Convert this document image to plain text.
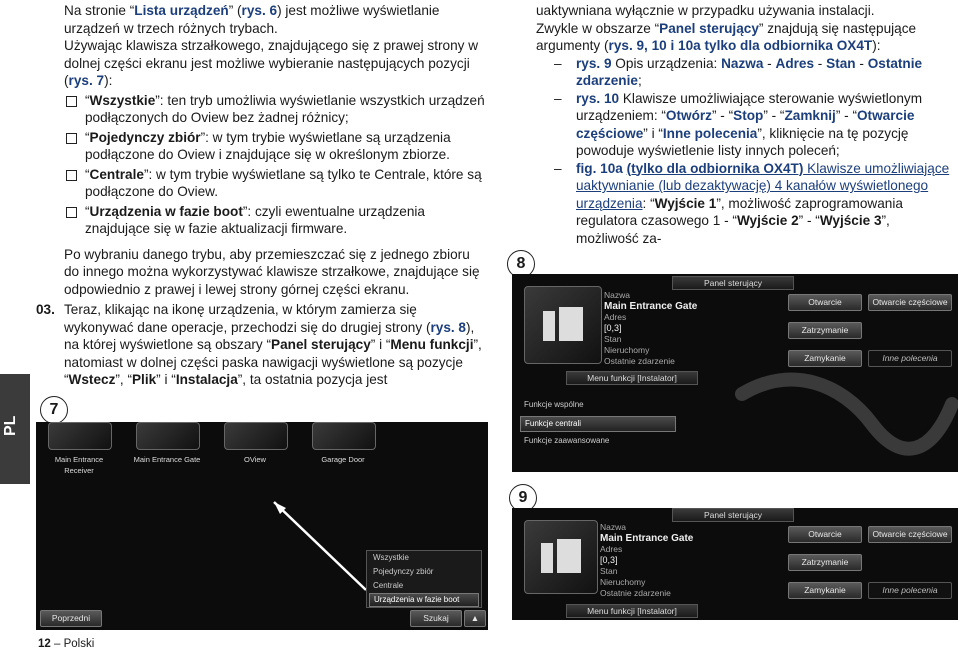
Na stronie “Lista urządzeń” (rys. 6) jest możliwe wyświetlanie urządzeń w trzech różnych trybach.

Używając klawisza strzałkowego, znajdującego się z prawej strony w dolnej części ekranu jest możliwe wybieranie następujących pozycji (rys. 7):

“Wszystkie”: ten tryb umożliwia wyświetlanie wszystkich urządzeń podłączonych do Oview bez żadnej różnicy;
“Pojedynczy zbiór”: w tym trybie wyświetlane są urządzenia podłączone do Oview i znajdujące się w określonym zbiorze.
“Centrale”: w tym trybie wyświetlane są tylko te Centrale, które są podłączone do Oview.
“Urządzenia w fazie boot”: czyli ewentualne urządzenia znajdujące się w fazie aktualizacji firmware.

Po wybraniu danego trybu, aby przemieszczać się z jednego zbioru do innego można wykorzystywać klawisze strzałkowe, znajdujące się odpowiednio z prawej i lewej strony górnej części ekranu.

03. Teraz, klikając na ikonę urządzenia, w którym zamierza się wykonywać dane operacje, przechodzi się do drugiej strony (rys. 8), na której wyświetlone są obszary “Panel sterujący” i “Menu funkcji”, natomiast w dolnej części paska nawigacji wyświetlone są pozycje “Wstecz”, “Plik” i “Instalacja”, ta ostatnia pozycja jest

uaktywniana wyłącznie w przypadku używania instalacji.

Zwykle w obszarze “Panel sterujący” znajdują się następujące argumenty (rys. 9, 10 i 10a tylko dla odbiornika OX4T):

–	rys. 9 Opis urządzenia: Nazwa - Adres - Stan - Ostatnie zdarzenie;
–	rys. 10 Klawisze umożliwiające sterowanie wyświetlonym urządzeniem: “Otwórz” - “Stop” - “Zamknij” - “Otwarcie częściowe” i “Inne polecenia”, kliknięcie na tę pozycję powoduje wyświetlenie listy innych poleceń;
–	fig. 10a (tylko dla odbiornika OX4T) Klawisze umożliwiające uaktywnianie (lub dezaktywację) 4 kanałów wyświetlonego urządzenia: “Wyjście 1”, możliwość zaprogramowania regulatora czasowego 1 - “Wyjście 2” - “Wyjście 3”, możliwość za-
8
Panel sterujący
Nazwa
Main Entrance Gate
Adres
[0,3]
Stan
Nieruchomy
Ostatnie zdarzenie
Otwarcie	Otwarcie częściowe
Zatrzymanie
Zamykanie	Inne polecenia
Menu funkcji [Instalator]
Funkcje wspólne
Funkcje centrali
Funkcje zaawansowane
PL
7
Main Entrance Receiver
Main Entrance Gate	OView	Garage Door
Wszystkie
Pojedynczy zbiór
Centrale
Urządzenia w fazie boot
Poprzedni	Szukaj	▲
9
Panel sterujący
Nazwa
Main Entrance Gate
Adres
[0,3]
Stan
Nieruchomy
Ostatnie zdarzenie
Otwarcie	Otwarcie częściowe
Zatrzymanie
Zamykanie	Inne polecenia
Menu funkcji [Instalator]
12 – Polski
